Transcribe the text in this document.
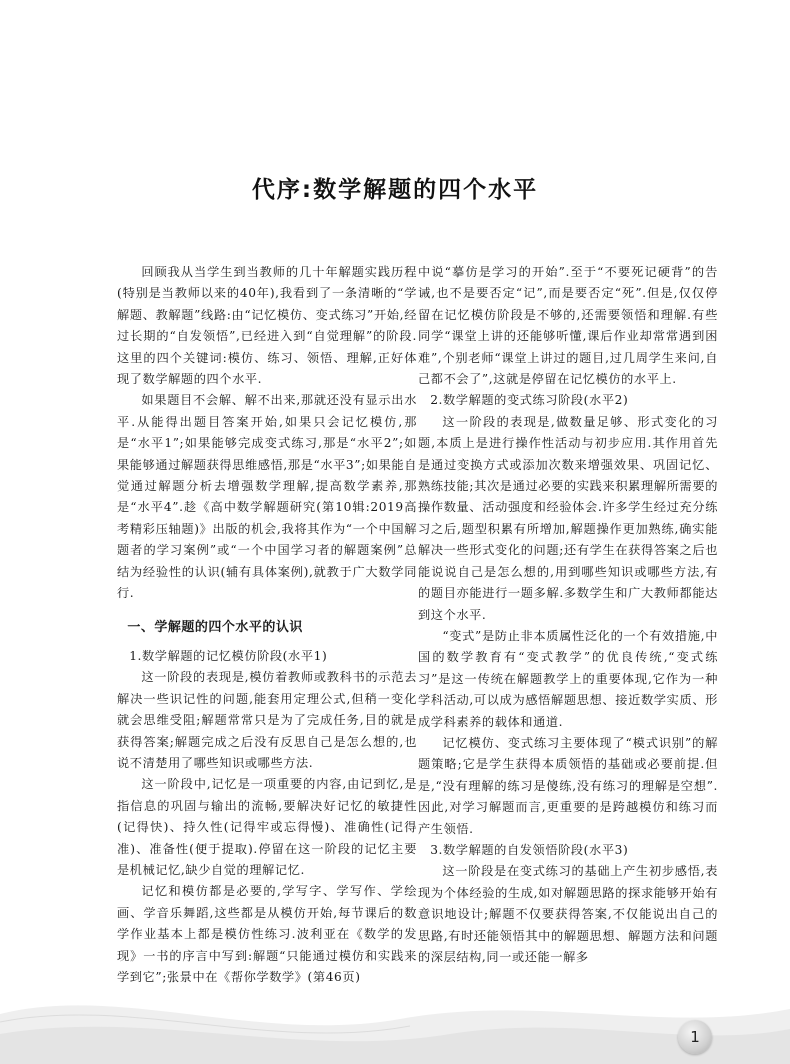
代序:数学解题的四个水平

回顾我从当学生到当教师的几十年解题实践历程(特别是当教师以来的40年),我看到了一条清晰的“学解题、教解题”线路:由“记忆模仿、变式练习”开始,经过长期的“自发领悟”,已经进入到“自觉理解”的阶段.这里的四个关键词:模仿、练习、领悟、理解,正好体现了数学解题的四个水平.

如果题目不会解、解不出来,那就还没有显示出水平.从能得出题目答案开始,如果只会记忆模仿,那是“水平1”;如果能够完成变式练习,那是“水平2”;如果能够通过解题获得思维感悟,那是“水平3”;如果能自觉通过解题分析去增强数学理解,提高数学素养,那是“水平4”.趁《高中数学解题研究(第10辑:2019高考精彩压轴题)》出版的机会,我将其作为“一个中国解题者的学习案例”或“一个中国学习者的解题案例”总结为经验性的认识(辅有具体案例),就教于广大数学同行.

一、学解题的四个水平的认识

1.数学解题的记忆模仿阶段(水平1)

这一阶段的表现是,模仿着教师或教科书的示范去解决一些识记性的问题,能套用定理公式,但稍一变化就会思维受阻;解题常常只是为了完成任务,目的就是获得答案;解题完成之后没有反思自己是怎么想的,也说不清楚用了哪些知识或哪些方法.

这一阶段中,记忆是一项重要的内容,由记到忆,是指信息的巩固与输出的流畅,要解决好记忆的敏捷性(记得快)、持久性(记得牢或忘得慢)、准确性(记得准)、准备性(便于提取).停留在这一阶段的记忆主要是机械记忆,缺少自觉的理解记忆.

记忆和模仿都是必要的,学写字、学写作、学绘画、学音乐舞蹈,这些都是从模仿开始,每节课后的数学作业基本上都是模仿性练习.波利亚在《数学的发现》一书的序言中写到:解题“只能通过模仿和实践来学到它”;张景中在《帮你学数学》(第46页)

中说“摹仿是学习的开始”.至于“不要死记硬背”的告诫,也不是要否定“记”,而是要否定“死”.但是,仅仅停留在记忆模仿阶段是不够的,还需要领悟和理解.有些同学“课堂上讲的还能够听懂,课后作业却常常遇到困难”,个别老师“课堂上讲过的题目,过几周学生来问,自己都不会了”,这就是停留在记忆模仿的水平上.

2.数学解题的变式练习阶段(水平2)

这一阶段的表现是,做数量足够、形式变化的习题,本质上是进行操作性活动与初步应用.其作用首先是通过变换方式或添加次数来增强效果、巩固记忆、熟练技能;其次是通过必要的实践来积累理解所需要的操作数量、活动强度和经验体会.许多学生经过充分练习之后,题型积累有所增加,解题操作更加熟练,确实能解决一些形式变化的问题;还有学生在获得答案之后也能说说自己是怎么想的,用到哪些知识或哪些方法,有的题目亦能进行一题多解.多数学生和广大教师都能达到这个水平.

“变式”是防止非本质属性泛化的一个有效措施,中国的数学教育有“变式教学”的优良传统,“变式练习”是这一传统在解题教学上的重要体现,它作为一种学科活动,可以成为感悟解题思想、接近数学实质、形成学科素养的载体和通道.

记忆模仿、变式练习主要体现了“模式识别”的解题策略;它是学生获得本质领悟的基础或必要前提.但是,“没有理解的练习是傻练,没有练习的理解是空想”.因此,对学习解题而言,更重要的是跨越模仿和练习而产生领悟.

3.数学解题的自发领悟阶段(水平3)

这一阶段是在变式练习的基础上产生初步感悟,表现为个体经验的生成,如对解题思路的探求能够开始有意识地设计;解题不仅要获得答案,不仅能说出自己的思路,有时还能领悟其中的解题思想、解题方法和问题的深层结构,同一或还能一解多

1
